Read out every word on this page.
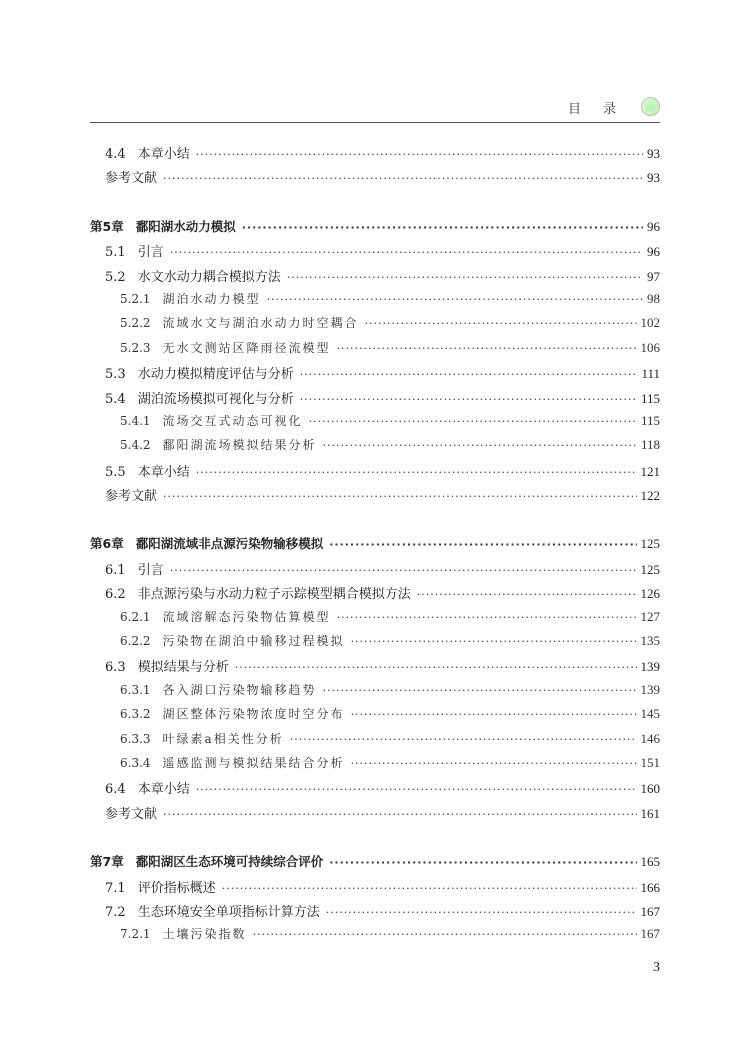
目录
4.4 本章小结 ·····	93
参考文献 ·····	93
第5章 鄱阳湖水动力模拟 ·····	96
5.1 引言 ·····	96
5.2 水文水动力耦合模拟方法 ·····	97
5.2.1 湖泊水动力模型 ·····	98
5.2.2 流域水文与湖泊水动力时空耦合 ·····	102
5.2.3 无水文测站区降雨径流模型 ·····	106
5.3 水动力模拟精度评估与分析 ·····	111
5.4 湖泊流场模拟可视化与分析 ·····	115
5.4.1 流场交互式动态可视化 ·····	115
5.4.2 鄱阳湖流场模拟结果分析 ·····	118
5.5 本章小结 ·····	121
参考文献 ·····	122
第6章 鄱阳湖流域非点源污染物输移模拟 ·····	125
6.1 引言 ·····	125
6.2 非点源污染与水动力粒子示踪模型耦合模拟方法 ·····	126
6.2.1 流域溶解态污染物估算模型 ·····	127
6.2.2 污染物在湖泊中输移过程模拟 ·····	135
6.3 模拟结果与分析 ·····	139
6.3.1 各入湖口污染物输移趋势 ·····	139
6.3.2 湖区整体污染物浓度时空分布 ·····	145
6.3.3 叶绿素a相关性分析 ·····	146
6.3.4 遥感监测与模拟结果结合分析 ·····	151
6.4 本章小结 ·····	160
参考文献 ·····	161
第7章 鄱阳湖区生态环境可持续综合评价 ·····	165
7.1 评价指标概述 ·····	166
7.2 生态环境安全单项指标计算方法 ·····	167
7.2.1 土壤污染指数 ·····	167
3
